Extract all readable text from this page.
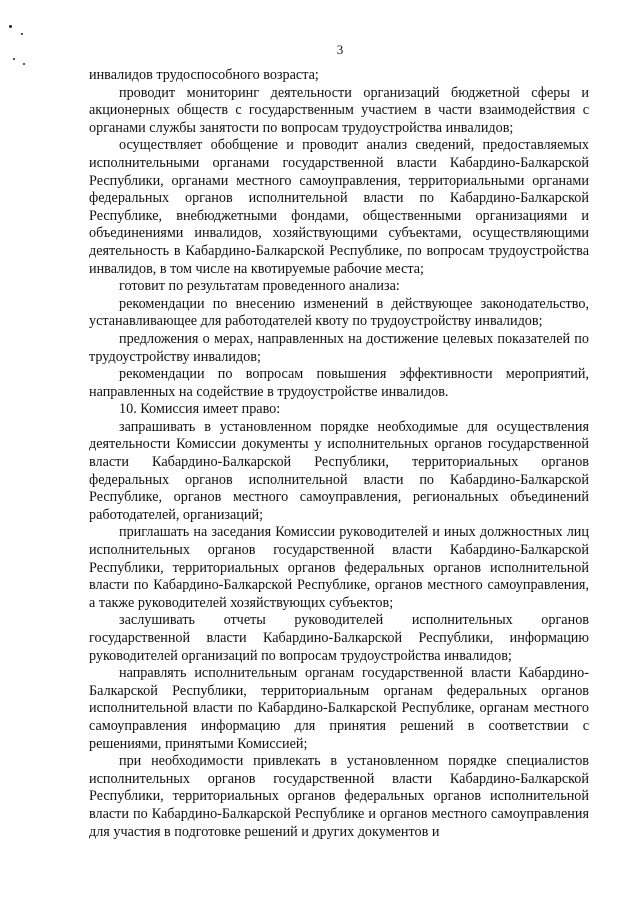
3

инвалидов трудоспособного возраста;

проводит мониторинг деятельности организаций бюджетной сферы и акционерных обществ с государственным участием в части взаимодействия с органами службы занятости по вопросам трудоустройства инвалидов;

осуществляет обобщение и проводит анализ сведений, предоставляемых исполнительными органами государственной власти Кабардино-Балкарской Республики, органами местного самоуправления, территориальными органами федеральных органов исполнительной власти по Кабардино-Балкарской Республике, внебюджетными фондами, общественными организациями и объединениями инвалидов, хозяйствующими субъектами, осуществляющими деятельность в Кабардино-Балкарской Республике, по вопросам трудоустройства инвалидов, в том числе на квотируемые рабочие места;

готовит по результатам проведенного анализа:

рекомендации по внесению изменений в действующее законодательство, устанавливающее для работодателей квоту по трудоустройству инвалидов;

предложения о мерах, направленных на достижение целевых показателей по трудоустройству инвалидов;

рекомендации по вопросам повышения эффективности мероприятий, направленных на содействие в трудоустройстве инвалидов.

10. Комиссия имеет право:

запрашивать в установленном порядке необходимые для осуществления деятельности Комиссии документы у исполнительных органов государственной власти Кабардино-Балкарской Республики, территориальных органов федеральных органов исполнительной власти по Кабардино-Балкарской Республике, органов местного самоуправления, региональных объединений работодателей, организаций;

приглашать на заседания Комиссии руководителей и иных должностных лиц исполнительных органов государственной власти Кабардино-Балкарской Республики, территориальных органов федеральных органов исполнительной власти по Кабардино-Балкарской Республике, органов местного самоуправления, а также руководителей хозяйствующих субъектов;

заслушивать отчеты руководителей исполнительных органов государственной власти Кабардино-Балкарской Республики, информацию руководителей организаций по вопросам трудоустройства инвалидов;

направлять исполнительным органам государственной власти Кабардино-Балкарской Республики, территориальным органам федеральных органов исполнительной власти по Кабардино-Балкарской Республике, органам местного самоуправления информацию для принятия решений в соответствии с решениями, принятыми Комиссией;

при необходимости привлекать в установленном порядке специалистов исполнительных органов государственной власти Кабардино-Балкарской Республики, территориальных органов федеральных органов исполнительной власти по Кабардино-Балкарской Республике и органов местного самоуправления для участия в подготовке решений и других документов и
